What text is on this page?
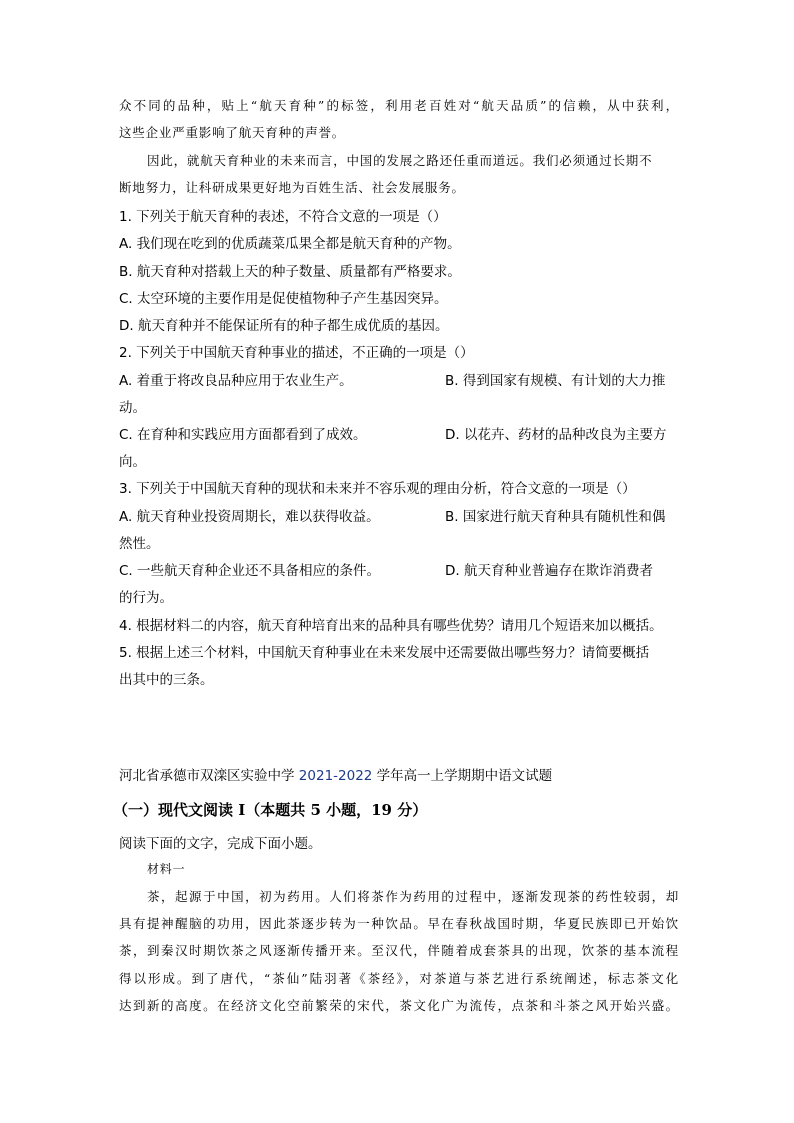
众不同的品种，贴上“航天育种”的标签，利用老百姓对“航天品质”的信赖，从中获利，
这些企业严重影响了航天育种的声誉。
因此，就航天育种业的未来而言，中国的发展之路还任重而道远。我们必须通过长期不
断地努力，让科研成果更好地为百姓生活、社会发展服务。
1. 下列关于航天育种的表述，不符合文意的一项是（）
A. 我们现在吃到的优质蔬菜瓜果全都是航天育种的产物。
B. 航天育种对搭载上天的种子数量、质量都有严格要求。
C. 太空环境的主要作用是促使植物种子产生基因突异。
D. 航天育种并不能保证所有的种子都生成优质的基因。
2. 下列关于中国航天育种事业的描述，不正确的一项是（）
A. 着重于将改良品种应用于农业生产。	B. 得到国家有规模、有计划的大力推
动。
C. 在育种和实践应用方面都看到了成效。	D. 以花卉、药材的品种改良为主要方
向。
3. 下列关于中国航天育种的现状和未来并不容乐观的理由分析，符合文意的一项是（）
A. 航天育种业投资周期长，难以获得收益。	B. 国家进行航天育种具有随机性和偶
然性。
C. 一些航天育种企业还不具备相应的条件。	D. 航天育种业普遍存在欺诈消费者
的行为。
4. 根据材料二的内容，航天育种培育出来的品种具有哪些优势？请用几个短语来加以概括。
5. 根据上述三个材料，中国航天育种事业在未来发展中还需要做出哪些努力？请简要概括
出其中的三条。
河北省承德市双滦区实验中学 2021-2022 学年高一上学期期中语文试题
（一）现代文阅读 I（本题共 5 小题，19 分）
阅读下面的文字，完成下面小题。
材料一
茶，起源于中国，初为药用。人们将茶作为药用的过程中，逐渐发现茶的药性较弱，却
具有提神醒脑的功用，因此茶逐步转为一种饮品。早在春秋战国时期，华夏民族即已开始饮
茶，到秦汉时期饮茶之风逐渐传播开来。至汉代，伴随着成套茶具的出现，饮茶的基本流程
得以形成。到了唐代，“茶仙”陆羽著《茶经》，对茶道与茶艺进行系统阐述，标志茶文化
达到新的高度。在经济文化空前繁荣的宋代，茶文化广为流传，点茶和斗茶之风开始兴盛。
